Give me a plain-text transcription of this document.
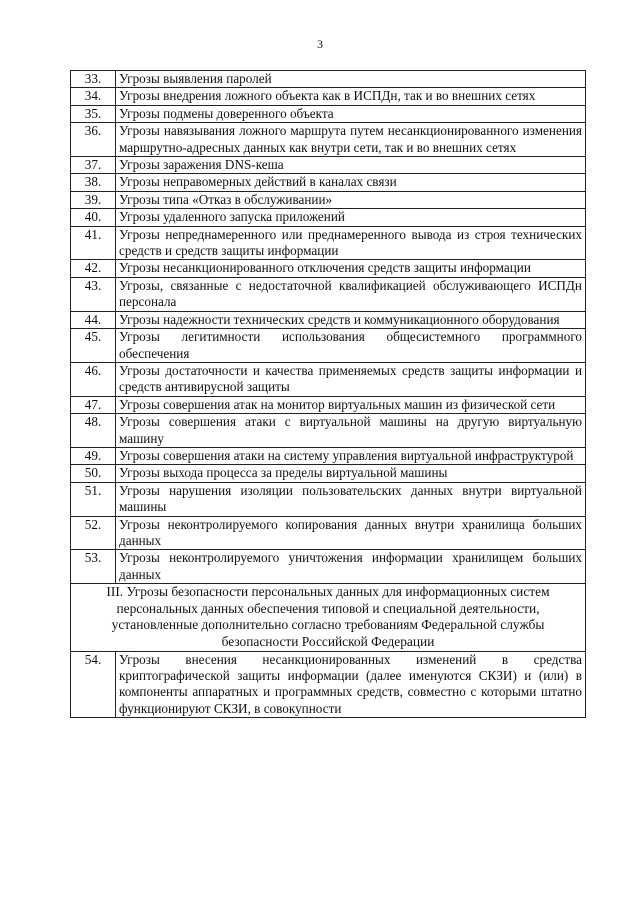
3
33.	Угрозы выявления паролей
34.	Угрозы внедрения ложного объекта как в ИСПДн, так и во внешних сетях
35.	Угрозы подмены доверенного объекта
36.	Угрозы навязывания ложного маршрута путем несанкционированного изменения маршрутно-адресных данных как внутри сети, так и во внешних сетях
37.	Угрозы заражения DNS-кеша
38.	Угрозы неправомерных действий в каналах связи
39.	Угрозы типа «Отказ в обслуживании»
40.	Угрозы удаленного запуска приложений
41.	Угрозы непреднамеренного или преднамеренного вывода из строя технических средств и средств защиты информации
42.	Угрозы несанкционированного отключения средств защиты информации
43.	Угрозы, связанные с недостаточной квалификацией обслуживающего ИСПДн персонала
44.	Угрозы надежности технических средств и коммуникационного оборудования
45.	Угрозы легитимности использования общесистемного программного обеспечения
46.	Угрозы достаточности и качества применяемых средств защиты информации и средств антивирусной защиты
47.	Угрозы совершения атак на монитор виртуальных машин из физической сети
48.	Угрозы совершения атаки с виртуальной машины на другую виртуальную машину
49.	Угрозы совершения атаки на систему управления виртуальной инфраструктурой
50.	Угрозы выхода процесса за пределы виртуальной машины
51.	Угрозы нарушения изоляции пользовательских данных внутри виртуальной машины
52.	Угрозы неконтролируемого копирования данных внутри хранилища больших данных
53.	Угрозы неконтролируемого уничтожения информации хранилищем больших данных
III. Угрозы безопасности персональных данных для информационных систем персональных данных обеспечения типовой и специальной деятельности, установленные дополнительно согласно требованиям Федеральной службы безопасности Российской Федерации	
54.	Угрозы внесения несанкционированных изменений в средства криптографической защиты информации (далее именуются СКЗИ) и (или) в компоненты аппаратных и программных средств, совместно с которыми штатно функционируют СКЗИ, в совокупности
